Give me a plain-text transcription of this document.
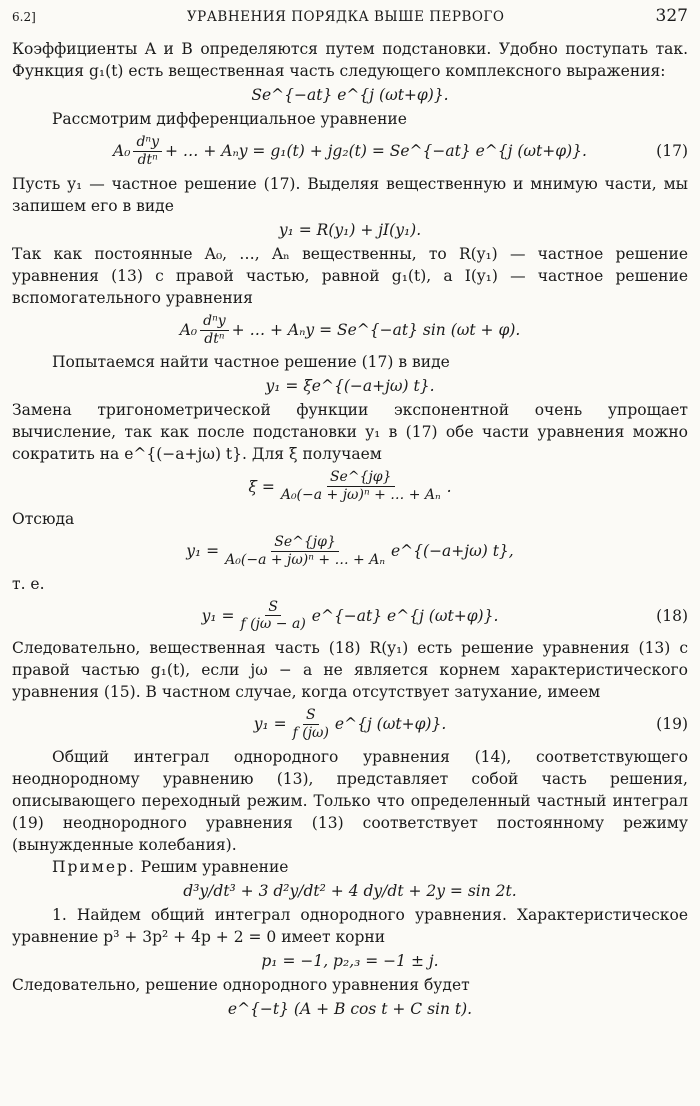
6.2]	УРАВНЕНИЯ ПОРЯДКА ВЫШЕ ПЕРВОГО	327

Коэффициенты A и B определяются путем подстановки. Удобно поступать так. Функция g₁(t) есть вещественная часть следующего комплексного выражения:

Se^{−at} e^{j (ωt+φ)}.

Рассмотрим дифференциальное уравнение

$A_0 \frac{\text{dⁿy}}{\text{dtⁿ}}$ + … + Aₙy = g₁(t) + jg₂(t) = Se^{−at} e^{j (ωt+φ)}.	(17)

Пусть y₁ — частное решение (17). Выделяя вещественную и мнимую части, мы запишем его в виде

y₁ = R(y₁) + jI(y₁).

Так как постоянные A₀, …, Aₙ вещественны, то R(y₁) — частное решение уравнения (13) с правой частью, равной g₁(t), а I(y₁) — частное решение вспомогательного уравнения

$A_0 \frac{\text{dⁿy}}{\text{dtⁿ}}$ + … + Aₙy = Se^{−at} sin (ωt + φ).

Попытаемся найти частное решение (17) в виде

y₁ = ξe^{(−a+jω) t}.

Замена тригонометрической функции экспонентной очень упрощает вычисление, так как после подстановки y₁ в (17) обе части уравнения можно сократить на e^{(−a+jω) t}. Для ξ получаем

$\xi = \frac{Se\^{}\{j\varphi\}}{\text{A₀(−a + jω)ⁿ + … + Aₙ}}$ .

Отсюда

$y_1 = \frac{Se\^{}\{j\varphi\}}{\text{A₀(−a + jω)ⁿ + … + Aₙ}}$ e^{(−a+jω) t},

т. е.

$y_1 = \frac{S}{f (j\omega - a)}$ e^{−at} e^{j (ωt+φ)}.	(18)

Следовательно, вещественная часть (18) R(y₁) есть решение уравнения (13) с правой частью g₁(t), если jω − a не является корнем характеристического уравнения (15). В частном случае, когда отсутствует затухание, имеем

$y_1 = \frac{S}{f (j\omega)}$ e^{j (ωt+φ)}.	(19)

Общий интеграл однородного уравнения (14), соответствующего неоднородному уравнению (13), представляет собой часть решения, описывающего переходный режим. Только что определенный частный интеграл (19) неоднородного уравнения (13) соответствует постоянному режиму (вынужденные колебания).

Пример. Решим уравнение

d³y/dt³ + 3 d²y/dt² + 4 dy/dt + 2y = sin 2t.

1. Найдем общий интеграл однородного уравнения. Характеристическое уравнение p³ + 3p² + 4p + 2 = 0 имеет корни

p₁ = −1, p₂,₃ = −1 ± j.

Следовательно, решение однородного уравнения будет

e^{−t} (A + B cos t + C sin t).
